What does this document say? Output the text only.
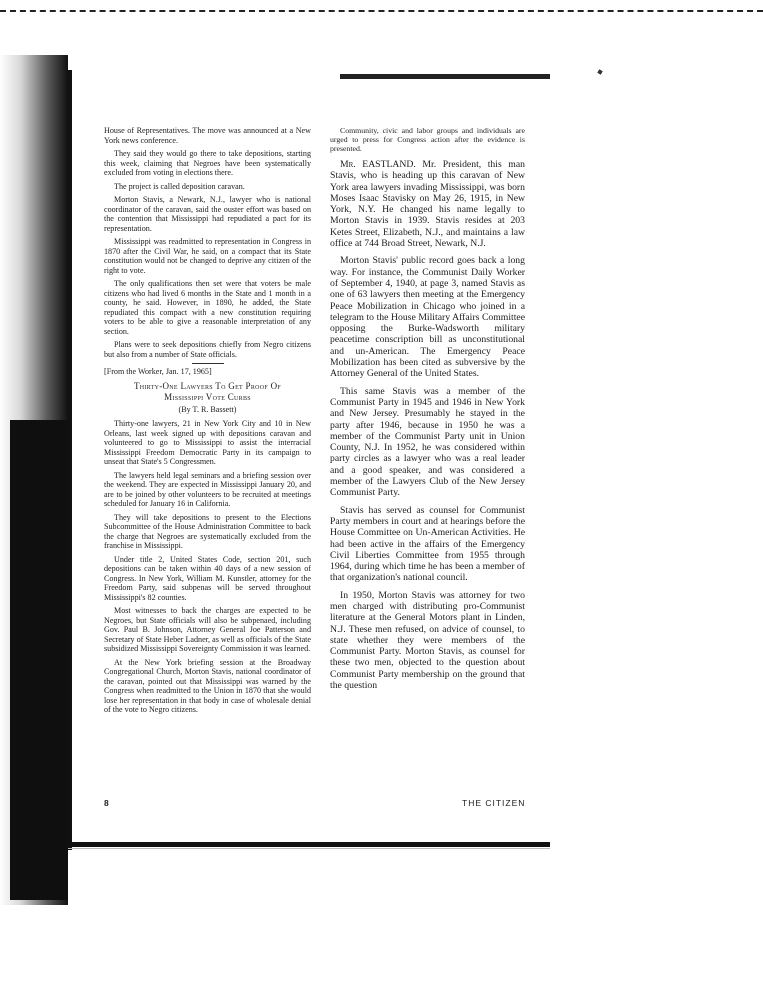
House of Representatives. The move was announced at a New York news conference.

They said they would go there to take depositions, starting this week, claiming that Negroes have been systematically excluded from voting in elections there.

The project is called deposition caravan.

Morton Stavis, a Newark, N.J., lawyer who is national coordinator of the caravan, said the ouster effort was based on the contention that Mississippi had repudiated a pact for its representation.

Mississippi was readmitted to representation in Congress in 1870 after the Civil War, he said, on a compact that its State constitution would not be changed to deprive any citizen of the right to vote.

The only qualifications then set were that voters be male citizens who had lived 6 months in the State and 1 month in a county, he said. However, in 1890, he added, the State repudiated this compact with a new constitution requiring voters to be able to give a reasonable interpretation of any section.

Plans were to seek depositions chiefly from Negro citizens but also from a number of State officials.

[From the Worker, Jan. 17, 1965]

Thirty-One Lawyers To Get Proof Of
Mississippi Vote Curbs
(By T. R. Bassett)

Thirty-one lawyers, 21 in New York City and 10 in New Orleans, last week signed up with depositions caravan and volunteered to go to Mississippi to assist the interracial Mississippi Freedom Democratic Party in its campaign to unseat that State's 5 Congressmen.

The lawyers held legal seminars and a briefing session over the weekend. They are expected in Mississippi January 20, and are to be joined by other volunteers to be recruited at meetings scheduled for January 16 in California.

They will take depositions to present to the Elections Subcommittee of the House Administration Committee to back the charge that Negroes are systematically excluded from the franchise in Mississippi.

Under title 2, United States Code, section 201, such depositions can be taken within 40 days of a new session of Congress. In New York, William M. Kunstler, attorney for the Freedom Party, said subpenas will be served throughout Mississippi's 82 counties.

Most witnesses to back the charges are expected to be Negroes, but State officials will also be subpenaed, including Gov. Paul B. Johnson, Attorney General Joe Patterson and Secretary of State Heber Ladner, as well as officials of the State subsidized Mississippi Sovereignty Commission it was learned.

At the New York briefing session at the Broadway Congregational Church, Morton Stavis, national coordinator of the caravan, pointed out that Mississippi was warned by the Congress when readmitted to the Union in 1870 that she would lose her representation in that body in case of wholesale denial of the vote to Negro citizens.

Community, civic and labor groups and individuals are urged to press for Congress action after the evidence is presented.

Mr. EASTLAND. Mr. President, this man Stavis, who is heading up this caravan of New York area lawyers invading Mississippi, was born Moses Isaac Stavisky on May 26, 1915, in New York, N.Y. He changed his name legally to Morton Stavis in 1939. Stavis resides at 203 Ketes Street, Elizabeth, N.J., and maintains a law office at 744 Broad Street, Newark, N.J.

Morton Stavis' public record goes back a long way. For instance, the Communist Daily Worker of September 4, 1940, at page 3, named Stavis as one of 63 lawyers then meeting at the Emergency Peace Mobilization in Chicago who joined in a telegram to the House Military Affairs Committee opposing the Burke-Wadsworth military peacetime conscription bill as unconstitutional and un-American. The Emergency Peace Mobilization has been cited as subversive by the Attorney General of the United States.

This same Stavis was a member of the Communist Party in 1945 and 1946 in New York and New Jersey. Presumably he stayed in the party after 1946, because in 1950 he was a member of the Communist Party unit in Union County, N.J. In 1952, he was considered within party circles as a lawyer who was a real leader and a good speaker, and was considered a member of the Lawyers Club of the New Jersey Communist Party.

Stavis has served as counsel for Communist Party members in court and at hearings before the House Committee on Un-American Activities. He had been active in the affairs of the Emergency Civil Liberties Committee from 1955 through 1964, during which time he has been a member of that organization's national council.

In 1950, Morton Stavis was attorney for two men charged with distributing pro-Communist literature at the General Motors plant in Linden, N.J. These men refused, on advice of counsel, to state whether they were members of the Communist Party. Morton Stavis, as counsel for these two men, objected to the question about Communist Party membership on the ground that the question

8	THE CITIZEN
